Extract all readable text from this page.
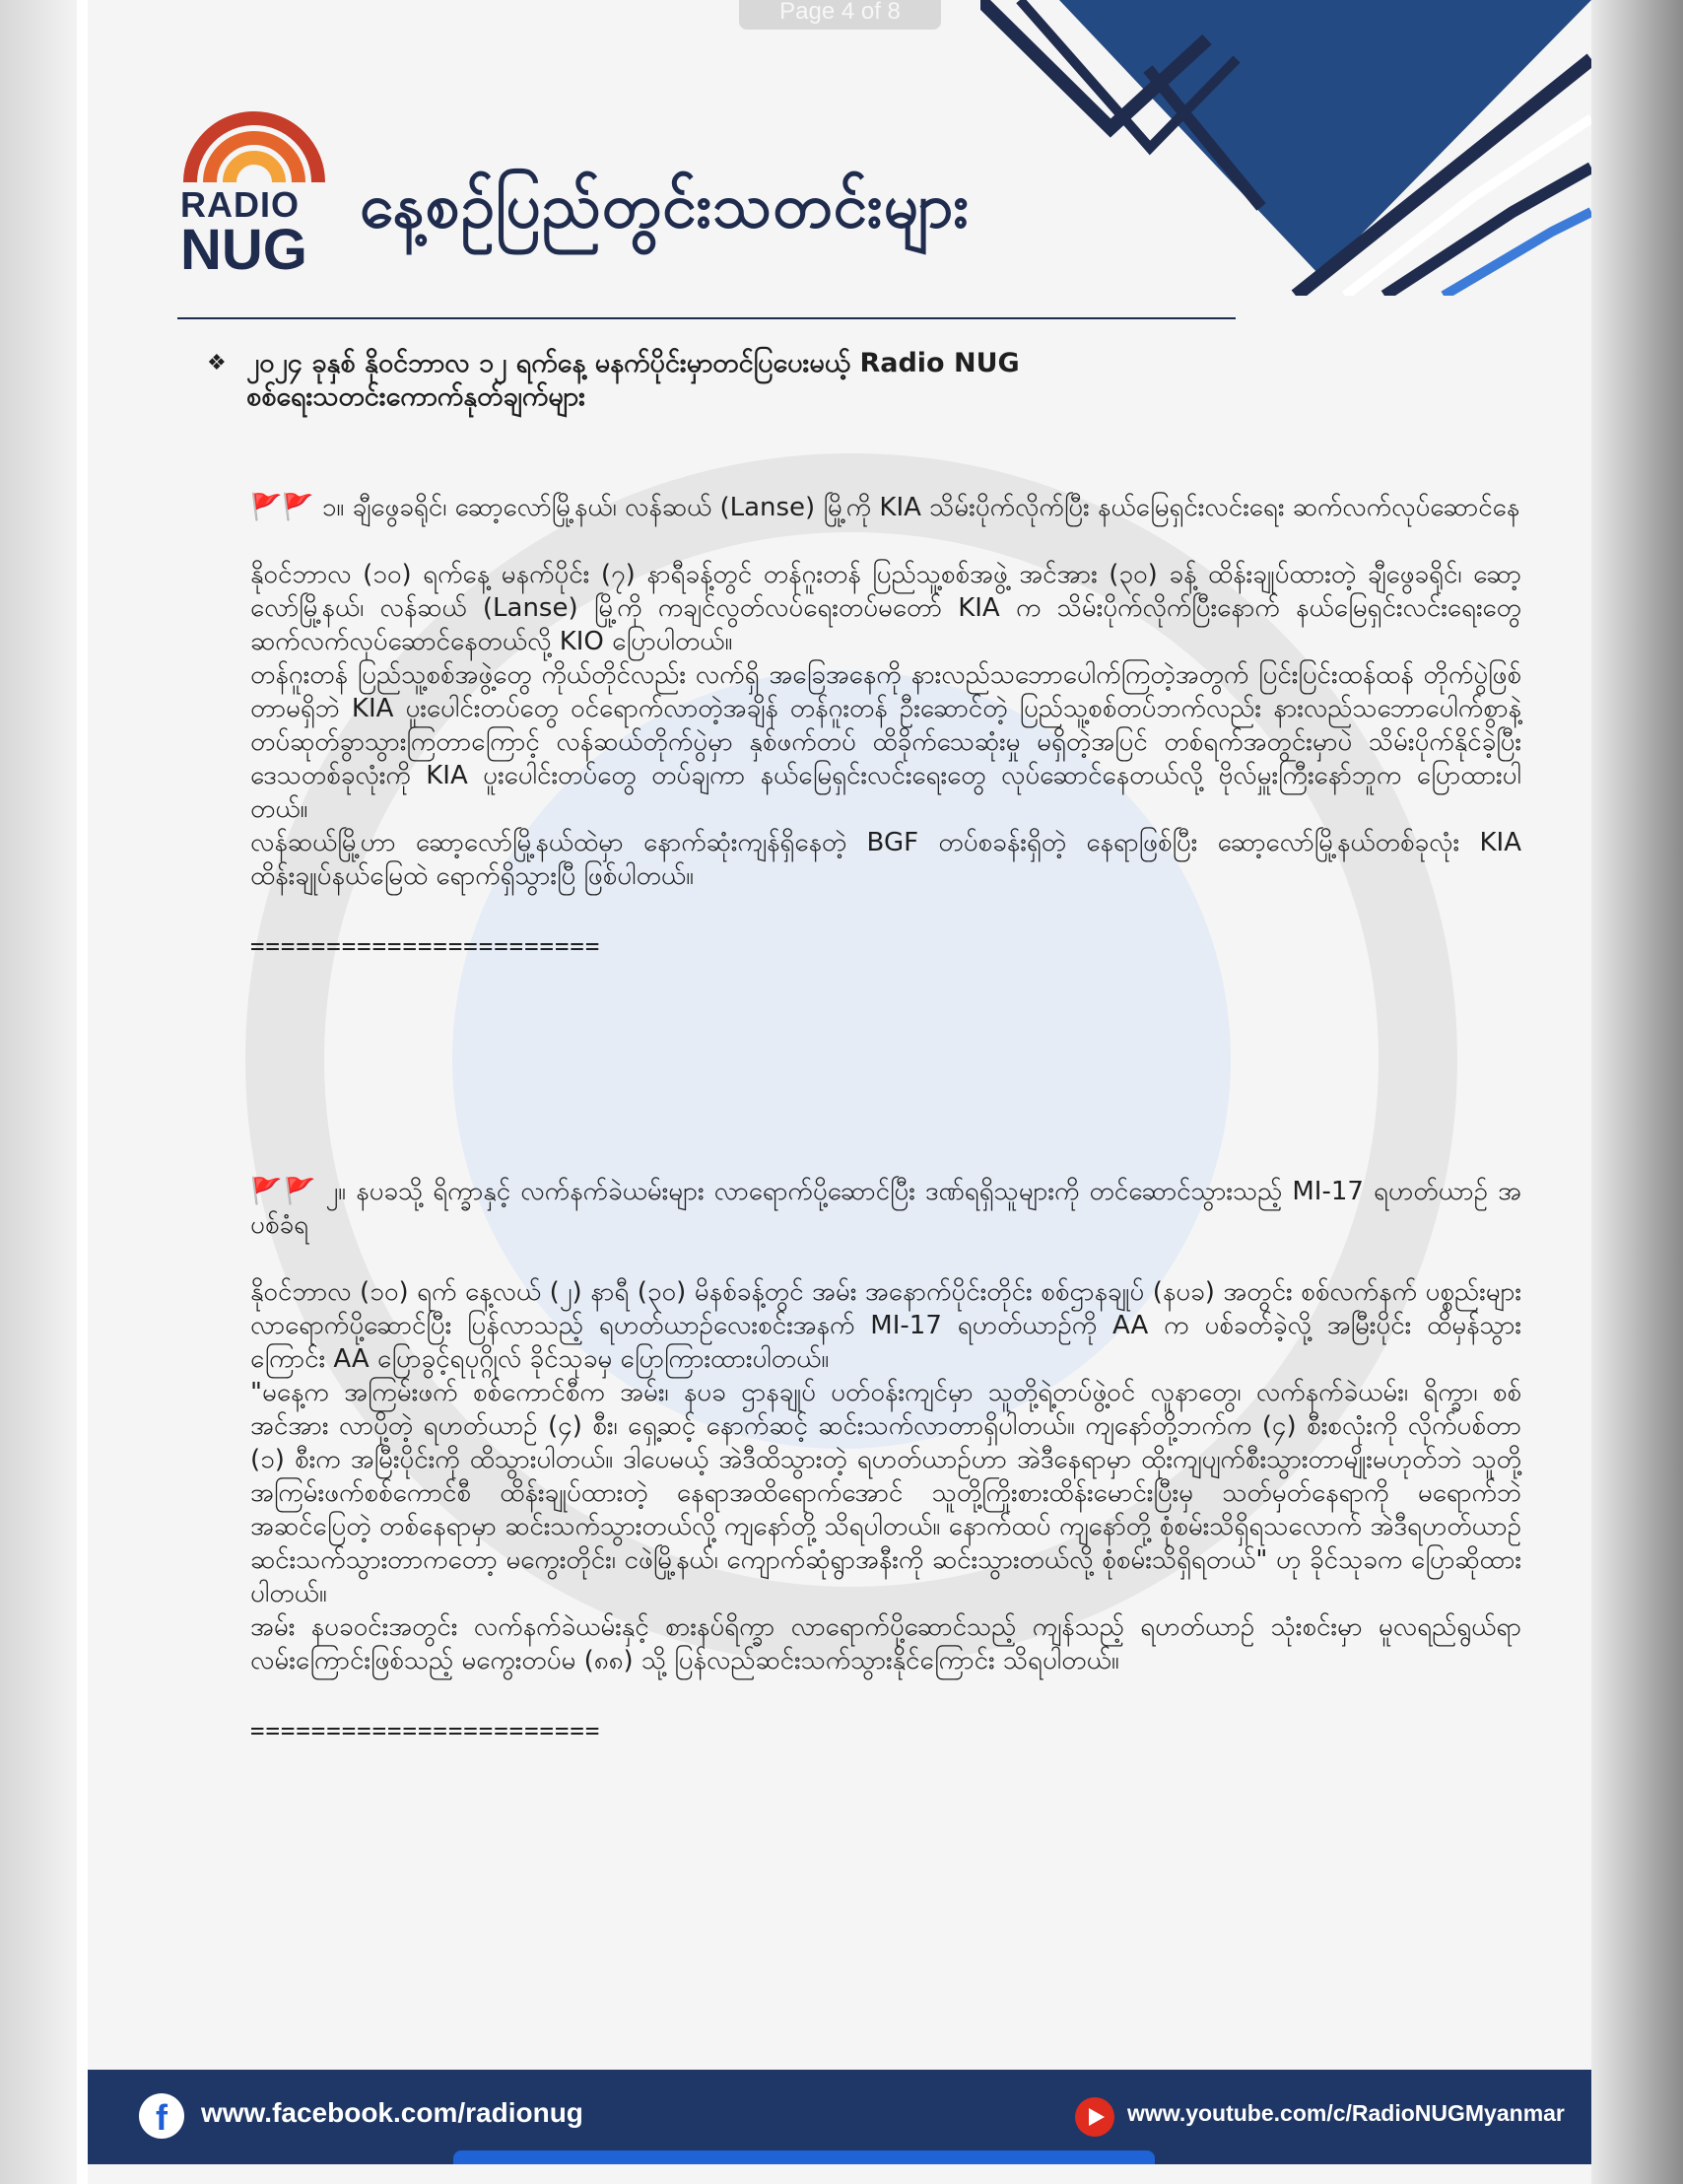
Page 4 of 8
RADIO
NUG
နေ့စဉ်ပြည်တွင်းသတင်းများ
❖ ၂၀၂၄ ခုနှစ် နိုဝင်ဘာလ ၁၂ ရက်နေ့ မနက်ပိုင်းမှာတင်ပြပေးမယ့် Radio NUG
စစ်ရေးသတင်းကောက်နုတ်ချက်များ

🚩🚩 ၁။ ချီဖွေခရိုင်၊ ဆော့လော်မြို့နယ်၊ လန်ဆယ် (Lanse) မြို့ကို KIA သိမ်းပိုက်လိုက်ပြီး နယ်မြေရှင်းလင်းရေး ဆက်လက်လုပ်ဆောင်နေ

နိုဝင်ဘာလ (၁၀) ရက်နေ့ မနက်ပိုင်း (၇) နာရီခန့်တွင် တန်ဂူးတန် ပြည်သူ့စစ်အဖွဲ့ အင်အား (၃၀) ခန့် ထိန်းချုပ်ထားတဲ့ ချီဖွေခရိုင်၊ ဆော့လော်မြို့နယ်၊ လန်ဆယ် (Lanse) မြို့ကို ကချင်လွတ်လပ်ရေးတပ်မတော် KIA က သိမ်းပိုက်လိုက်ပြီးနောက် နယ်မြေရှင်းလင်းရေးတွေ ဆက်လက်လုပ်ဆောင်နေတယ်လို့ KIO ပြောပါတယ်။

တန်ဂူးတန် ပြည်သူ့စစ်အဖွဲ့တွေ ကိုယ်တိုင်လည်း လက်ရှိ အခြေအနေကို နားလည်သဘောပေါက်ကြတဲ့အတွက် ပြင်းပြင်းထန်ထန် တိုက်ပွဲဖြစ်တာမရှိဘဲ KIA ပူးပေါင်းတပ်တွေ ဝင်ရောက်လာတဲ့အချိန် တန်ဂူးတန် ဦးဆောင်တဲ့ ပြည်သူ့စစ်တပ်ဘက်လည်း နားလည်သဘောပေါက်စွာနဲ့ တပ်ဆုတ်ခွာသွားကြတာကြောင့် လန်ဆယ်တိုက်ပွဲမှာ နှစ်ဖက်တပ် ထိခိုက်သေဆုံးမှု မရှိတဲ့အပြင် တစ်ရက်အတွင်းမှာပဲ သိမ်းပိုက်နိုင်ခဲ့ပြီး ဒေသတစ်ခုလုံးကို KIA ပူးပေါင်းတပ်တွေ တပ်ချကာ နယ်မြေရှင်းလင်းရေးတွေ လုပ်ဆောင်နေတယ်လို့ ဗိုလ်မှူးကြီးနော်ဘူက ပြောထားပါတယ်။

လန်ဆယ်မြို့ဟာ ဆော့လော်မြို့နယ်ထဲမှာ နောက်ဆုံးကျန်ရှိနေတဲ့ BGF တပ်စခန်းရှိတဲ့ နေရာဖြစ်ပြီး ဆော့လော်မြို့နယ်တစ်ခုလုံး KIA ထိန်းချုပ်နယ်မြေထဲ ရောက်ရှိသွားပြီ ဖြစ်ပါတယ်။

=======================

🚩🚩 ၂။ နပခသို့ ရိက္ခာနှင့် လက်နက်ခဲယမ်းများ လာရောက်ပို့ဆောင်ပြီး ဒဏ်ရရှိသူများကို တင်ဆောင်သွားသည့် MI-17 ရဟတ်ယာဉ် အပစ်ခံရ

နိုဝင်ဘာလ (၁၀) ရက် နေ့လယ် (၂) နာရီ (၃၀) မိနစ်ခန့်တွင် အမ်း အနောက်ပိုင်းတိုင်း စစ်ဌာနချုပ် (နပခ) အတွင်း စစ်လက်နက် ပစ္စည်းများ လာရောက်ပို့ဆောင်ပြီး ပြန်လာသည့် ရဟတ်ယာဉ်လေးစင်းအနက် MI-17 ရဟတ်ယာဉ်ကို AA က ပစ်ခတ်ခဲ့လို့ အမြီးပိုင်း ထိမှန်သွားကြောင်း AA ပြောခွင့်ရပုဂ္ဂိုလ် ခိုင်သုခမှ ပြောကြားထားပါတယ်။

"မနေ့က အကြမ်းဖက် စစ်ကောင်စီက အမ်း၊ နပခ ဌာနချုပ် ပတ်ဝန်းကျင်မှာ သူတို့ရဲ့တပ်ဖွဲ့ဝင် လူနာတွေ၊ လက်နက်ခဲယမ်း၊ ရိက္ခာ၊ စစ်အင်အား လာပို့တဲ့ ရဟတ်ယာဉ် (၄) စီး၊ ရှေ့ဆင့် နောက်ဆင့် ဆင်းသက်လာတာရှိပါတယ်။ ကျနော်တို့ဘက်က (၄) စီးစလုံးကို လိုက်ပစ်တာ (၁) စီးက အမြီးပိုင်းကို ထိသွားပါတယ်။ ဒါပေမယ့် အဲဒီထိသွားတဲ့ ရဟတ်ယာဉ်ဟာ အဲဒီနေရာမှာ ထိုးကျပျက်စီးသွားတာမျိုးမဟုတ်ဘဲ သူတို့အကြမ်းဖက်စစ်ကောင်စီ ထိန်းချုပ်ထားတဲ့ နေရာအထိရောက်အောင် သူတို့ကြိုးစားထိန်းမောင်းပြီးမှ သတ်မှတ်နေရာကို မရောက်ဘဲ အဆင်ပြေတဲ့ တစ်နေရာမှာ ဆင်းသက်သွားတယ်လို့ ကျနော်တို့ သိရပါတယ်။ နောက်ထပ် ကျနော်တို့ စုံစမ်းသိရှိရသလောက် အဲဒီရဟတ်ယာဉ်ဆင်းသက်သွားတာကတော့ မကွေးတိုင်း၊ ငဖဲမြို့နယ်၊ ကျောက်ဆုံရွာအနီးကို ဆင်းသွားတယ်လို့ စုံစမ်းသိရှိရတယ်" ဟု ခိုင်သုခက ပြောဆိုထားပါတယ်။

အမ်း နပခဝင်းအတွင်း လက်နက်ခဲယမ်းနှင့် စားနပ်ရိက္ခာ လာရောက်ပို့ဆောင်သည့် ကျန်သည့် ရဟတ်ယာဉ် သုံးစင်းမှာ မူလရည်ရွယ်ရာလမ်းကြောင်းဖြစ်သည့် မကွေးတပ်မ (၈၈) သို့ ပြန်လည်ဆင်းသက်သွားနိုင်ကြောင်း သိရပါတယ်။

=======================
f	www.facebook.com/radionug	www.youtube.com/c/RadioNUGMyanmar
